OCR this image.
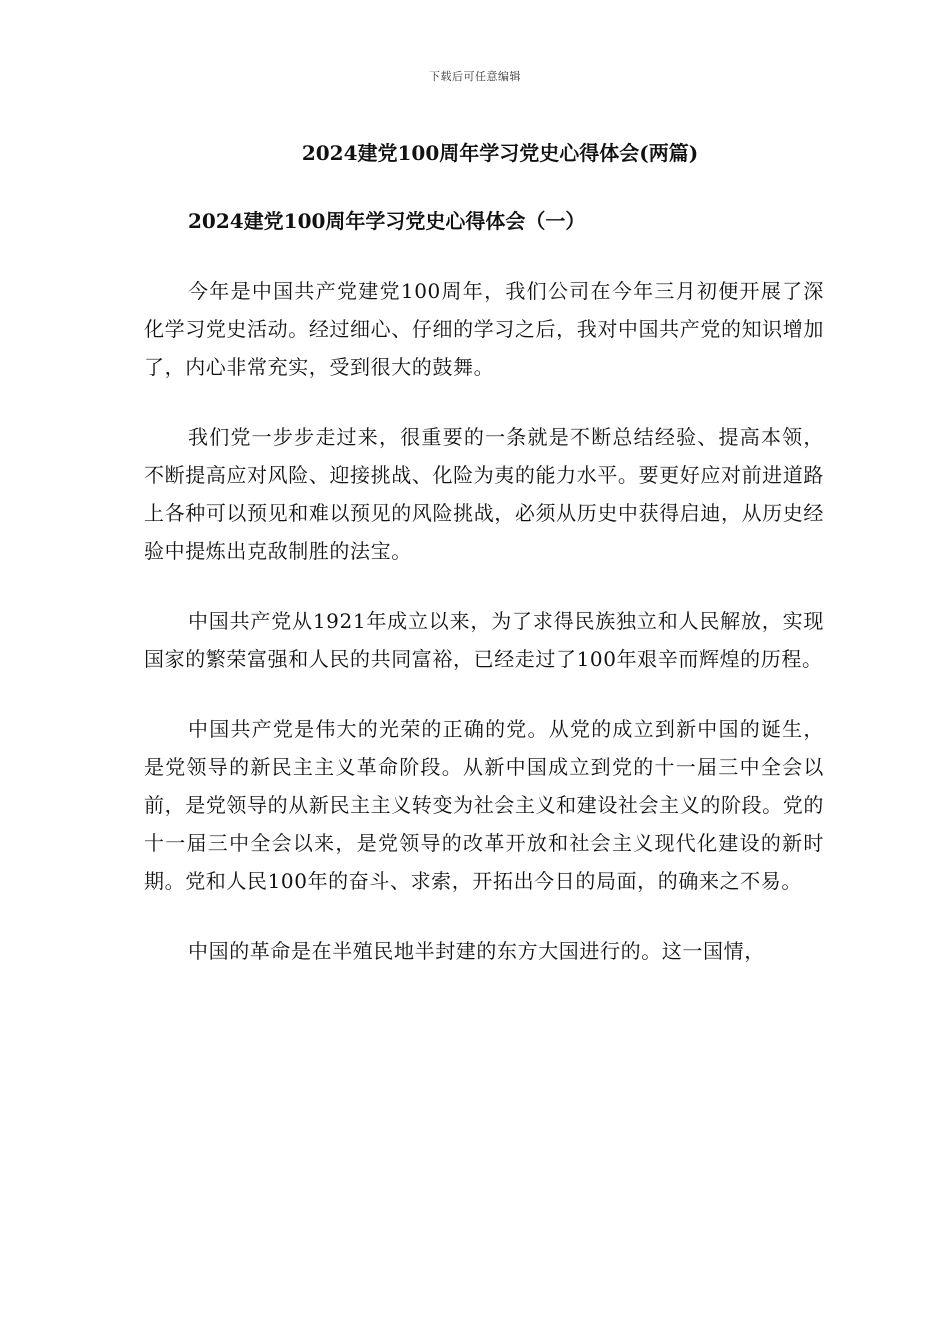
下载后可任意编辑
2024建党100周年学习党史心得体会(两篇)
2024建党100周年学习党史心得体会（一）

今年是中国共产党建党100周年，我们公司在今年三月初便开展了深化学习党史活动。经过细心、仔细的学习之后，我对中国共产党的知识增加了，内心非常充实，受到很大的鼓舞。

我们党一步步走过来，很重要的一条就是不断总结经验、提高本领，不断提高应对风险、迎接挑战、化险为夷的能力水平。要更好应对前进道路上各种可以预见和难以预见的风险挑战，必须从历史中获得启迪，从历史经验中提炼出克敌制胜的法宝。

中国共产党从1921年成立以来，为了求得民族独立和人民解放，实现国家的繁荣富强和人民的共同富裕，已经走过了100年艰辛而辉煌的历程。

中国共产党是伟大的光荣的正确的党。从党的成立到新中国的诞生，是党领导的新民主主义革命阶段。从新中国成立到党的十一届三中全会以前，是党领导的从新民主主义转变为社会主义和建设社会主义的阶段。党的十一届三中全会以来，是党领导的改革开放和社会主义现代化建设的新时期。党和人民100年的奋斗、求索，开拓出今日的局面，的确来之不易。

中国的革命是在半殖民地半封建的东方大国进行的。这一国情，
